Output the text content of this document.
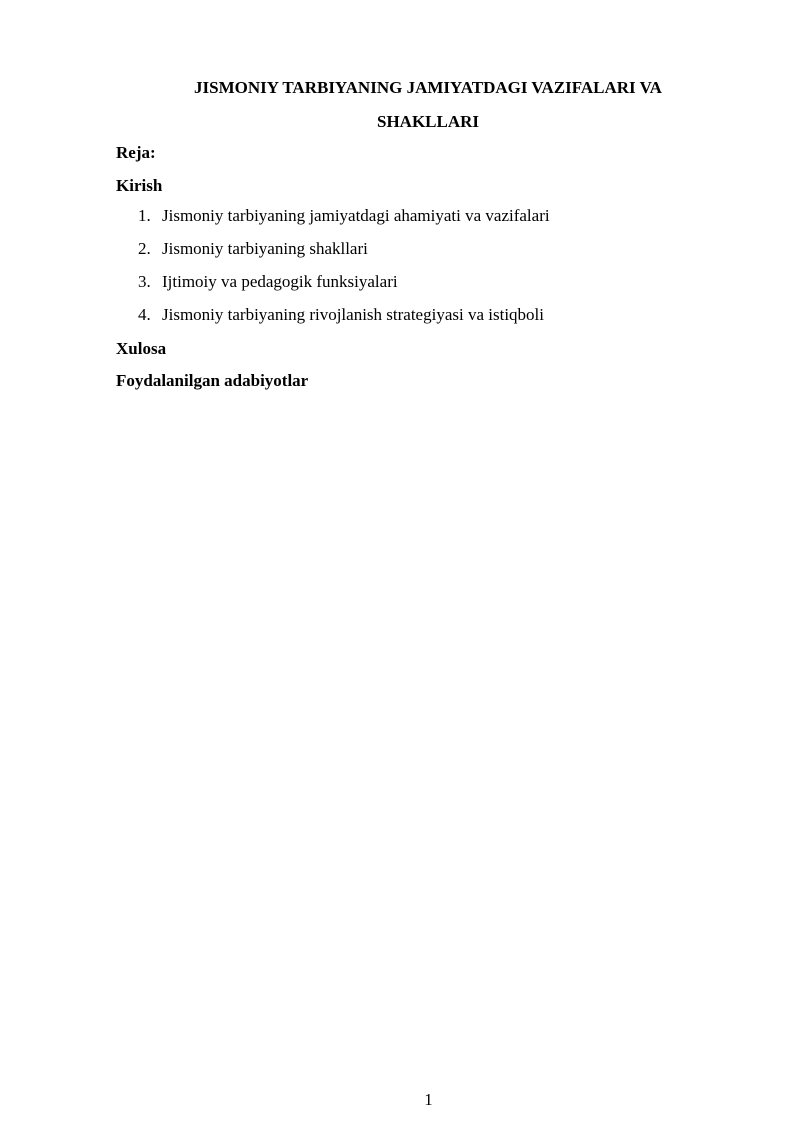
JISMONIY TARBIYANING JAMIYATDAGI VAZIFALARI VA
SHAKLLARI
Reja:
Kirish
1. Jismoniy tarbiyaning jamiyatdagi ahamiyati va vazifalari
2. Jismoniy tarbiyaning shakllari
3. Ijtimoiy va pedagogik funksiyalari
4. Jismoniy tarbiyaning rivojlanish strategiyasi va istiqboli
Xulosa
Foydalanilgan adabiyotlar
1
